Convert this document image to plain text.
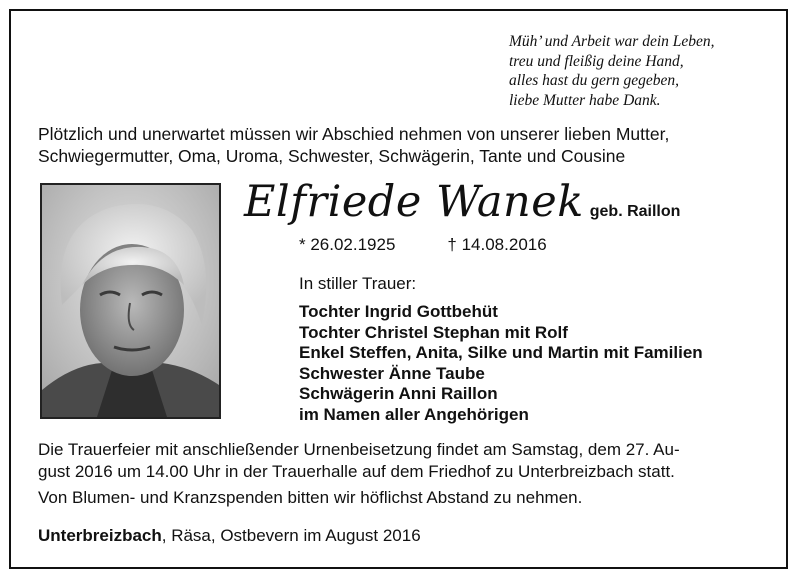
Müh’ und Arbeit war dein Leben,
treu und fleißig deine Hand,
alles hast du gern gegeben,
liebe Mutter habe Dank.
Plötzlich und unerwartet müssen wir Abschied nehmen von unserer lieben Mutter,
Schwiegermutter, Oma, Uroma, Schwester, Schwägerin, Tante und Cousine
Elfriede Wanek geb. Raillon
* 26.02.1925	† 14.08.2016
In stiller Trauer:
Tochter Ingrid Gottbehüt
Tochter Christel Stephan mit Rolf
Enkel Steffen, Anita, Silke und Martin mit Familien
Schwester Änne Taube
Schwägerin Anni Raillon
im Namen aller Angehörigen
Die Trauerfeier mit anschließender Urnenbeisetzung findet am Samstag, dem 27. Au-
gust 2016 um 14.00 Uhr in der Trauerhalle auf dem Friedhof zu Unterbreizbach statt.
Von Blumen- und Kranzspenden bitten wir höflichst Abstand zu nehmen.
Unterbreizbach, Räsa, Ostbevern im August 2016
